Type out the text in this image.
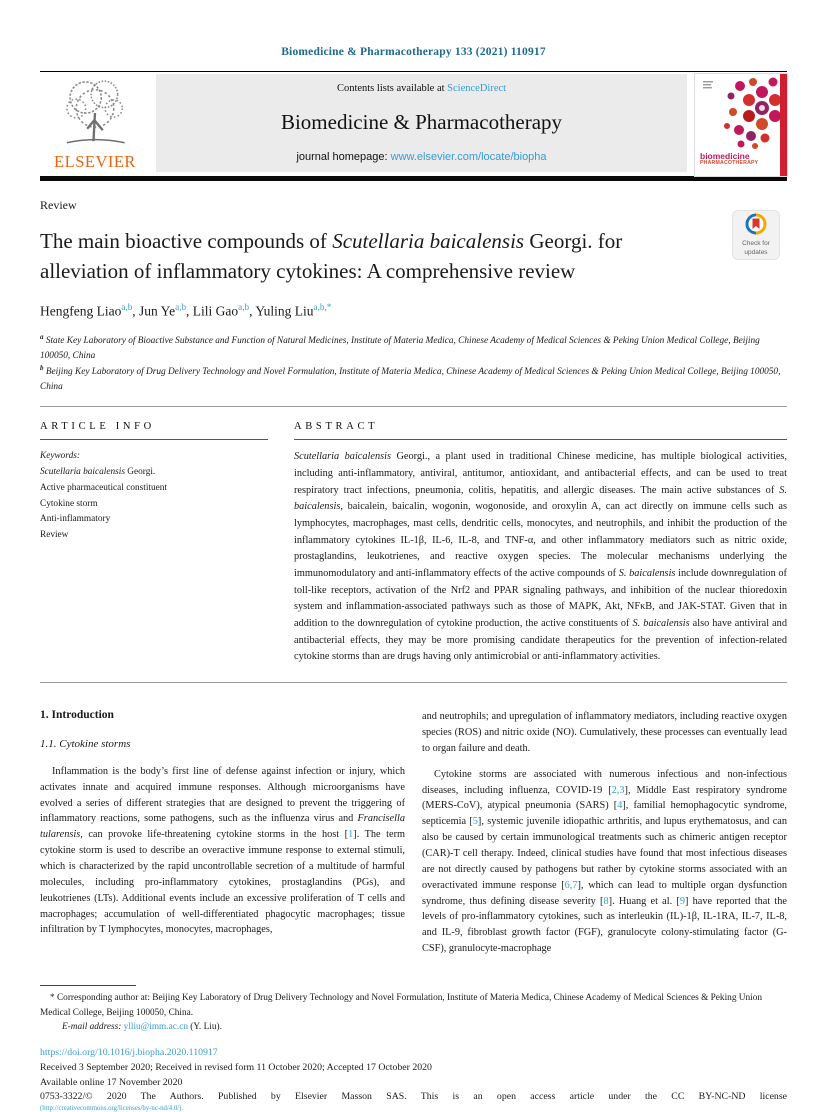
Biomedicine & Pharmacotherapy 133 (2021) 110917
ELSEVIER
Contents lists available at ScienceDirect
Biomedicine & Pharmacotherapy
journal homepage: www.elsevier.com/locate/biopha	biomedicine
PHARMACOTHERAPY
Review
The main bioactive compounds of Scutellaria baicalensis Georgi. for alleviation of inflammatory cytokines: A comprehensive review
Check for
updates
Hengfeng Liao$^{a,b}$, Jun Ye$^{a,b}$, Lili Gao$^{a,b}$, Yuling Liu$^{a,b,*}$
$^a$ State Key Laboratory of Bioactive Substance and Function of Natural Medicines, Institute of Materia Medica, Chinese Academy of Medical Sciences & Peking Union Medical College, Beijing 100050, China
$^b$ Beijing Key Laboratory of Drug Delivery Technology and Novel Formulation, Institute of Materia Medica, Chinese Academy of Medical Sciences & Peking Union Medical College, Beijing 100050, China
ARTICLE INFO
Keywords:
Scutellaria baicalensis Georgi.
Active pharmaceutical constituent
Cytokine storm
Anti-inflammatory
Review
ABSTRACT
Scutellaria baicalensis Georgi., a plant used in traditional Chinese medicine, has multiple biological activities, including anti-inflammatory, antiviral, antitumor, antioxidant, and antibacterial effects, and can be used to treat respiratory tract infections, pneumonia, colitis, hepatitis, and allergic diseases. The main active substances of S. baicalensis, baicalein, baicalin, wogonin, wogonoside, and oroxylin A, can act directly on immune cells such as lymphocytes, macrophages, mast cells, dendritic cells, monocytes, and neutrophils, and inhibit the production of the inflammatory cytokines IL-1β, IL-6, IL-8, and TNF-α, and other inflammatory mediators such as nitric oxide, prostaglandins, leukotrienes, and reactive oxygen species. The molecular mechanisms underlying the immunomodulatory and anti-inflammatory effects of the active compounds of S. baicalensis include downregulation of toll-like receptors, activation of the Nrf2 and PPAR signaling pathways, and inhibition of the nuclear thioredoxin system and inflammation-associated pathways such as those of MAPK, Akt, NFκB, and JAK-STAT. Given that in addition to the downregulation of cytokine production, the active constituents of S. baicalensis also have antiviral and antibacterial effects, they may be more promising candidate therapeutics for the prevention of infection-related cytokine storms than are drugs having only antimicrobial or anti-inflammatory activities.
1. Introduction
1.1. Cytokine storms

Inflammation is the body’s first line of defense against infection or injury, which activates innate and acquired immune responses. Although microorganisms have evolved a series of different strategies that are designed to prevent the triggering of inflammatory reactions, some pathogens, such as the influenza virus and Francisella tularensis, can provoke life-threatening cytokine storms in the host [1]. The term cytokine storm is used to describe an overactive immune response to external stimuli, which is characterized by the rapid uncontrollable secretion of a multitude of harmful molecules, including pro-inflammatory cytokines, prostaglandins (PGs), and leukotrienes (LTs). Additional events include an excessive proliferation of T cells and macrophages; accumulation of well-differentiated phagocytic macrophages; tissue infiltration by T lymphocytes, monocytes, macrophages,

and neutrophils; and upregulation of inflammatory mediators, including reactive oxygen species (ROS) and nitric oxide (NO). Cumulatively, these processes can eventually lead to organ failure and death.

Cytokine storms are associated with numerous infectious and non-infectious diseases, including influenza, COVID-19 [2,3], Middle East respiratory syndrome (MERS-CoV), atypical pneumonia (SARS) [4], familial hemophagocytic syndrome, septicemia [5], systemic juvenile idiopathic arthritis, and lupus erythematosus, and can also be caused by certain immunological treatments such as chimeric antigen receptor (CAR)-T cell therapy. Indeed, clinical studies have found that most infectious diseases are not directly caused by pathogens but rather by cytokine storms associated with an overactivated immune response [6,7], which can lead to multiple organ dysfunction syndrome, thus defining disease severity [8]. Huang et al. [9] have reported that the levels of pro-inflammatory cytokines, such as interleukin (IL)-1β, IL-1RA, IL-7, IL-8, and IL-9, fibroblast growth factor (FGF), granulocyte colony-stimulating factor (G-CSF), granulocyte-macrophage

* Corresponding author at: Beijing Key Laboratory of Drug Delivery Technology and Novel Formulation, Institute of Materia Medica, Chinese Academy of Medical Sciences & Peking Union Medical College, Beijing 100050, China.
E-mail address: ylliu@imm.ac.cn (Y. Liu).
https://doi.org/10.1016/j.biopha.2020.110917
Received 3 September 2020; Received in revised form 11 October 2020; Accepted 17 October 2020
Available online 17 November 2020
0753-3322/© 2020 The Authors. Published by Elsevier Masson SAS. This is an open access article under the CC BY-NC-ND license
(http://creativecommons.org/licenses/by-nc-nd/4.0/).
